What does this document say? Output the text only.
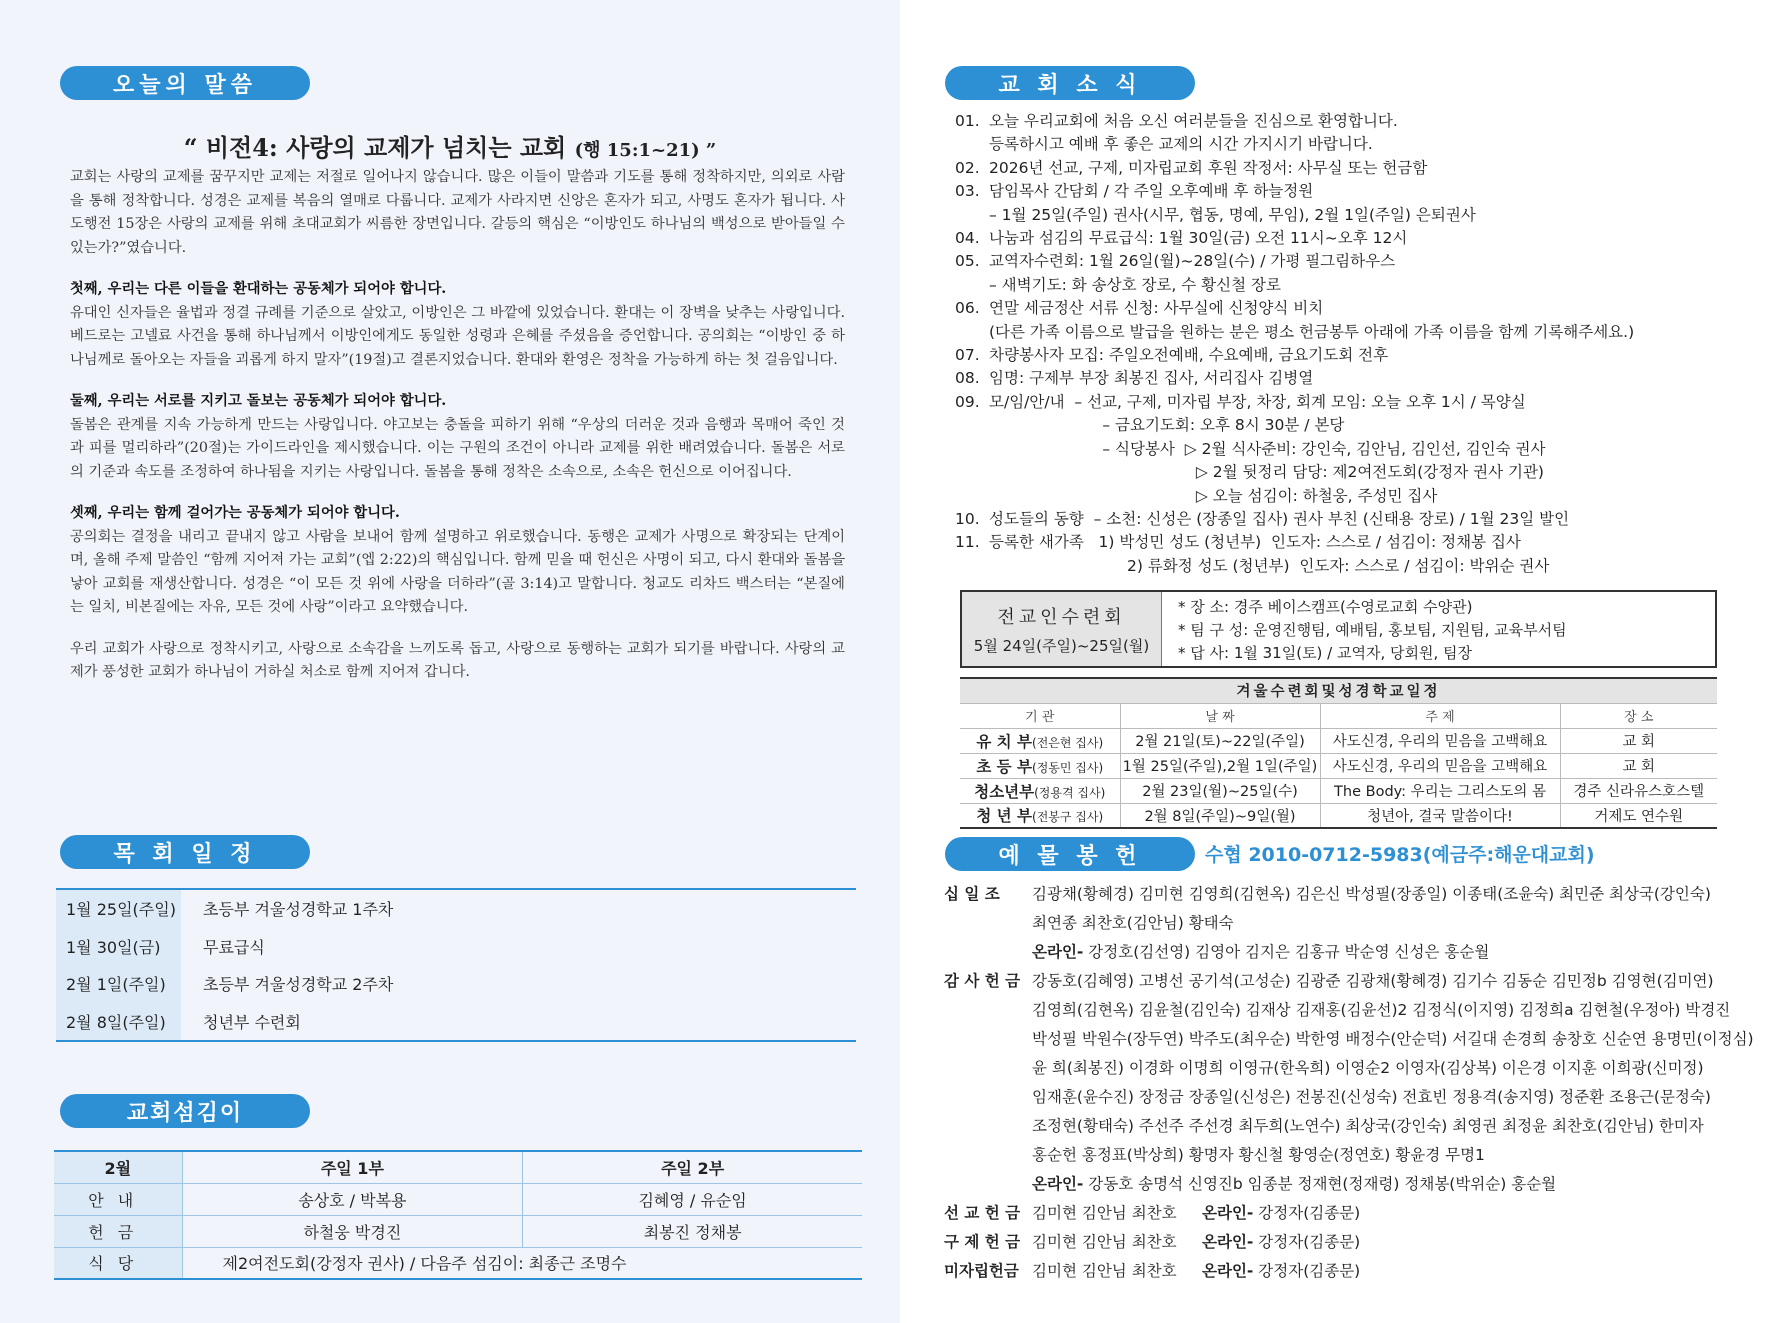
오늘의 말씀
“ 비전4: 사랑의 교제가 넘치는 교회 (행 15:1~21) ”

교회는 사랑의 교제를 꿈꾸지만 교제는 저절로 일어나지 않습니다. 많은 이들이 말씀과 기도를 통해 정착하지만, 의외로 사람을 통해 정착합니다. 성경은 교제를 복음의 열매로 다룹니다. 교제가 사라지면 신앙은 혼자가 되고, 사명도 혼자가 됩니다. 사도행전 15장은 사랑의 교제를 위해 초대교회가 씨름한 장면입니다. 갈등의 핵심은 “이방인도 하나님의 백성으로 받아들일 수 있는가?”였습니다.

첫째, 우리는 다른 이들을 환대하는 공동체가 되어야 합니다.
유대인 신자들은 율법과 정결 규례를 기준으로 살았고, 이방인은 그 바깥에 있었습니다. 환대는 이 장벽을 낮추는 사랑입니다. 베드로는 고넬료 사건을 통해 하나님께서 이방인에게도 동일한 성령과 은혜를 주셨음을 증언합니다. 공의회는 “이방인 중 하나님께로 돌아오는 자들을 괴롭게 하지 말자”(19절)고 결론지었습니다. 환대와 환영은 정착을 가능하게 하는 첫 걸음입니다.

둘째, 우리는 서로를 지키고 돌보는 공동체가 되어야 합니다.
돌봄은 관계를 지속 가능하게 만드는 사랑입니다. 야고보는 충돌을 피하기 위해 “우상의 더러운 것과 음행과 목매어 죽인 것과 피를 멀리하라”(20절)는 가이드라인을 제시했습니다. 이는 구원의 조건이 아니라 교제를 위한 배려였습니다. 돌봄은 서로의 기준과 속도를 조정하여 하나됨을 지키는 사랑입니다. 돌봄을 통해 정착은 소속으로, 소속은 헌신으로 이어집니다.

셋째, 우리는 함께 걸어가는 공동체가 되어야 합니다.
공의회는 결정을 내리고 끝내지 않고 사람을 보내어 함께 설명하고 위로했습니다. 동행은 교제가 사명으로 확장되는 단계이며, 올해 주제 말씀인 “함께 지어져 가는 교회”(엡 2:22)의 핵심입니다. 함께 믿을 때 헌신은 사명이 되고, 다시 환대와 돌봄을 낳아 교회를 재생산합니다. 성경은 “이 모든 것 위에 사랑을 더하라”(골 3:14)고 말합니다. 청교도 리차드 백스터는 “본질에는 일치, 비본질에는 자유, 모든 것에 사랑”이라고 요약했습니다.

우리 교회가 사랑으로 정착시키고, 사랑으로 소속감을 느끼도록 돕고, 사랑으로 동행하는 교회가 되기를 바랍니다. 사랑의 교제가 풍성한 교회가 하나님이 거하실 처소로 함께 지어져 갑니다.

목 회 일 정
1월 25일(주일)	초등부 겨울성경학교 1주차
1월 30일(금)	무료급식
2월 1일(주일)	초등부 겨울성경학교 2주차
2월 8일(주일)	청년부 수련회
교회섬김이
2월	주일 1부	주일 2부
안내	송상호 / 박복용	김혜영 / 유순임
헌금	하철웅 박경진	최봉진 정채봉
식당	제2여전도회(강정자 권사) / 다음주 섬김이: 최종근 조명수	
교 회 소 식
01. 오늘 우리교회에 처음 오신 여러분들을 진심으로 환영합니다.
등록하시고 예배 후 좋은 교제의 시간 가지시기 바랍니다.
02. 2026년 선교, 구제, 미자립교회 후원 작정서: 사무실 또는 헌금함
03. 담임목사 간담회 / 각 주일 오후예배 후 하늘정원
– 1월 25일(주일) 권사(시무, 협동, 명예, 무임), 2월 1일(주일) 은퇴권사
04. 나눔과 섬김의 무료급식: 1월 30일(금) 오전 11시~오후 12시
05. 교역자수련회: 1월 26일(월)~28일(수) / 가평 필그림하우스
– 새벽기도: 화 송상호 장로, 수 황신철 장로
06. 연말 세금정산 서류 신청: 사무실에 신청양식 비치
(다른 가족 이름으로 발급을 원하는 분은 평소 헌금봉투 아래에 가족 이름을 함께 기록해주세요.)
07. 차량봉사자 모집: 주일오전예배, 수요예배, 금요기도회 전후
08. 임명: 구제부 부장 최봉진 집사, 서리집사 김병열
09. 모/임/안/내  – 선교, 구제, 미자립 부장, 차장, 회계 모임: 오늘 오후 1시 / 목양실
– 금요기도회: 오후 8시 30분 / 본당
– 식당봉사  ▷ 2월 식사준비: 강인숙, 김안님, 김인선, 김인숙 권사
▷ 2월 뒷정리 담당: 제2여전도회(강정자 권사 기관)
▷ 오늘 섬김이: 하철웅, 주성민 집사
10. 성도들의 동향  – 소천: 신성은 (장종일 집사) 권사 부친 (신태용 장로) / 1월 23일 발인
11. 등록한 새가족   1) 박성민 성도 (청년부)  인도자: 스스로 / 섬김이: 정채봉 집사
2) 류화정 성도 (청년부)  인도자: 스스로 / 섬김이: 박위순 권사
전교인수련회
5월 24일(주일)~25일(월)
* 장 소: 경주 베이스캠프(수영로교회 수양관)
* 팀 구 성: 운영진행팀, 예배팀, 홍보팀, 지원팀, 교육부서팀
* 답 사: 1월 31일(토) / 교역자, 당회원, 팀장
겨울수련회및성경학교일정			
기 관	날 짜	주 제	장 소
유 치 부(전은현 집사)	2월 21일(토)~22일(주일)	사도신경, 우리의 믿음을 고백해요	교 회
초 등 부(정동민 집사)	1월 25일(주일),2월 1일(주일)	사도신경, 우리의 믿음을 고백해요	교 회
청소년부(정용격 집사)	2월 23일(월)~25일(수)	The Body: 우리는 그리스도의 몸	경주 신라유스호스텔
청 년 부(전봉구 집사)	2월 8일(주일)~9일(월)	청년아, 결국 말씀이다!	거제도 연수원
예 물 봉 헌	수협 2010-0712-5983(예금주:해운대교회)
십 일 조	김광채(황혜경) 김미현 김영희(김현옥) 김은신 박성필(장종일) 이종태(조윤숙) 최민준 최상국(강인숙)
최연종 최찬호(김안님) 황태숙
온라인- 강정호(김선영) 김영아 김지은 김홍규 박순영 신성은 홍순월
감 사 헌 금 강동호(김혜영) 고병선 공기석(고성순) 김광준 김광채(황혜경) 김기수 김동순 김민정b 김영현(김미연)
김영희(김현옥) 김윤철(김인숙) 김재상 김재홍(김윤선)2 김정식(이지영) 김정희a 김현철(우정아) 박경진
박성필 박원수(장두연) 박주도(최우순) 박한영 배정수(안순덕) 서길대 손경희 송창호 신순연 용명민(이정심)
윤 희(최봉진) 이경화 이명희 이영규(한옥희) 이영순2 이영자(김상복) 이은경 이지훈 이희광(신미정)
임재훈(윤수진) 장정금 장종일(신성은) 전봉진(신성숙) 전효빈 정용격(송지영) 정준환 조용근(문정숙)
조정현(황태숙) 주선주 주선경 최두희(노연수) 최상국(강인숙) 최영권 최정윤 최찬호(김안님) 한미자
홍순헌 홍정표(박상희) 황명자 황신철 황영순(정연호) 황윤경 무명1
온라인- 강동호 송명석 신영진b 임종분 정재현(정재령) 정채봉(박위순) 홍순월
선 교 헌 금 김미현 김안님 최찬호	온라인- 강정자(김종문)
구 제 헌 금 김미현 김안님 최찬호	온라인- 강정자(김종문)
미자립헌금 김미현 김안님 최찬호	온라인- 강정자(김종문)
